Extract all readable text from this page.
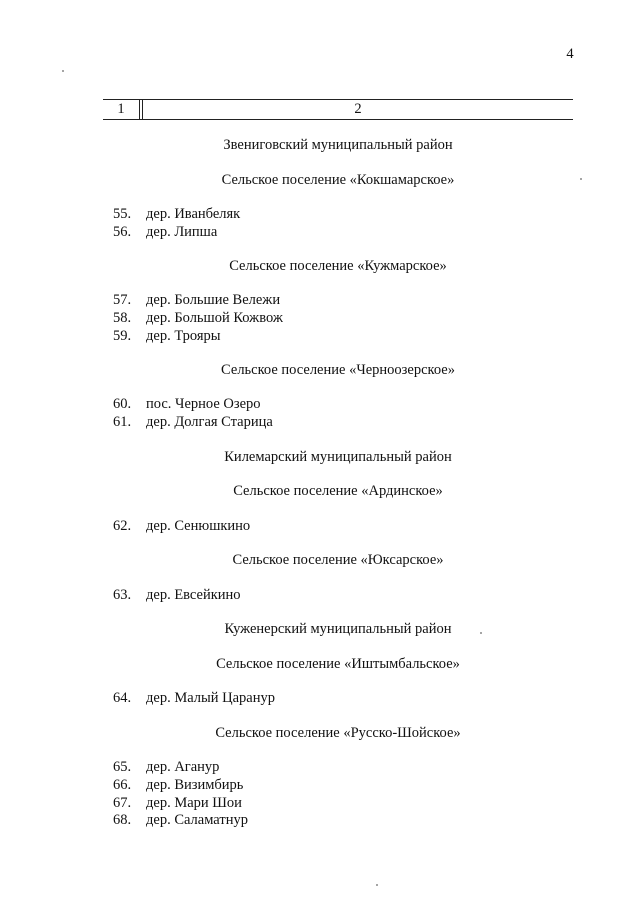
4
1	2
Звениговский муниципальный район
Сельское поселение «Кокшамарское»
55.	дер. Иванбеляк
56.	дер. Липша
Сельское поселение «Кужмарское»
57.	дер. Большие Вележи
58.	дер. Большой Кожвож
59.	дер. Трояры
Сельское поселение «Черноозерское»
60.	пос. Черное Озеро
61.	дер. Долгая Старица
Килемарский муниципальный район
Сельское поселение «Ардинское»
62.	дер. Сенюшкино
Сельское поселение «Юксарское»
63.	дер. Евсейкино
Куженерский муниципальный район
Сельское поселение «Иштымбальское»
64.	дер. Малый Царанур
Сельское поселение «Русско-Шойское»
65.	дер. Аганур
66.	дер. Визимбирь
67.	дер. Мари Шои
68.	дер. Саламатнур
